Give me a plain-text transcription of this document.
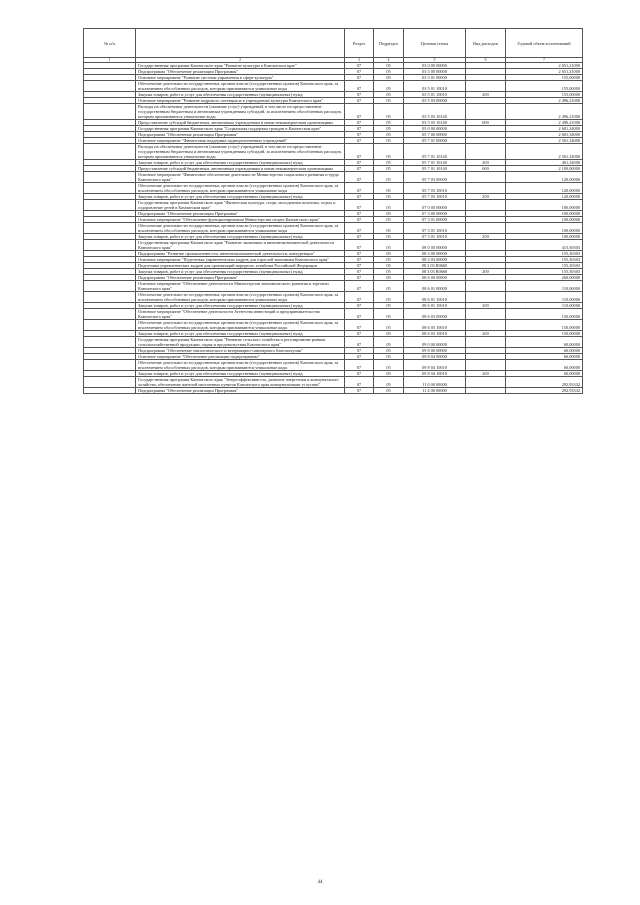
№ п/п		Раздел	Подраздел	Целевая статья	Вид расходов	Годовой объем ассигнований
1	2	3	4	5	6	7
	Государственная программа Камчатского края "Развитие культуры в Камчатском крае"	07	05	03 0 00 00000		2 651,21000
	Подпрограмма "Обеспечение реализации Программы"	07	05	03 5 00 00000		2 651,21000
	Основное мероприятие "Развитие системы управления в сфере культуры"	07	05	03 5 01 00000		155,00000
	Обеспечение деятельности государственных органов власти (государственных органов) Камчатского края, за исключением обособленных расходов, которым присваиваются уникальные коды	07	05	03 5 01 10010		155,00000
	Закупка товаров, работ и услуг для обеспечения государственных (муниципальных) нужд	07	05	03 5 01 10010	200	155,00000
	Основное мероприятие "Развитие кадрового потенциала в учреждениях культуры Камчатского края"	07	05	03 5 03 00000		2 496,21000
	Расходы на обеспечение деятельности (оказание услуг) учреждений, в том числе на предоставление государственным бюджетным и автономным учреждениям субсидий, за исключением обособленных расходов, которым присваиваются уникальные коды	07	05	03 5 03 10140		2 496,21000
	Предоставление субсидий бюджетным, автономным учреждениям и иным некоммерческим организациям	07	05	03 5 03 10140	600	2 496,21000
	Государственная программа Камчатского края "Социальная поддержка граждан в Камчатском крае"	07	05	05 0 00 00000		2 681,34000
	Подпрограмма "Обеспечение реализации Программы"	07	05	05 7 00 00000		2 681,34000
	Основное мероприятие "Финансовая поддержка подведомственных учреждений"	07	05	05 7 01 00000		2 561,34000
	Расходы на обеспечение деятельности (оказание услуг) учреждений, в том числе на предоставление государственным бюджетным и автономным учреждениям субсидий, за исключением обособленных расходов, которым присваиваются уникальные коды	07	05	05 7 01 10140		2 561,34000
	Закупка товаров, работ и услуг для обеспечения государственных (муниципальных) нужд	07	05	05 7 01 10140	200	461,34000
	Предоставление субсидий бюджетным, автономным учреждениям и иным некоммерческим организациям	07	05	05 7 01 10140	600	2 100,00000
	Основное мероприятие "Финансовое обеспечение деятельности Министерства социального развития и труда Камчатского края"	07	05	05 7 03 00000		120,00000
	Обеспечение деятельности государственных органов власти (государственных органов) Камчатского края, за исключением обособленных расходов, которым присваиваются уникальные коды	07	05	05 7 03 10010		120,00000
	Закупка товаров, работ и услуг для обеспечения государственных (муниципальных) нужд	07	05	05 7 03 10010	200	120,00000
	Государственная программа Камчатского края "Физическая культура, спорт, молодежная политика, отдых и оздоровление детей в Камчатском крае"	07	05	07 0 00 00000		100,00000
	Подпрограмма "Обеспечение реализации Программы"	07	05	07 3 00 00000		100,00000
	Основное мероприятие "Обеспечение функционирования Министерства спорта Камчатского края"	07	05	07 3 01 00000		100,00000
	Обеспечение деятельности государственных органов власти (государственных органов) Камчатского края, за исключением обособленных расходов, которым присваиваются уникальные коды	07	05	07 3 01 10010		100,00000
	Закупка товаров, работ и услуг для обеспечения государственных (муниципальных) нужд	07	05	07 3 01 10010	200	100,00000
	Государственная программа Камчатского края "Развитие экономики и внешнеэкономической деятельности Камчатского края"	07	05	08 0 00 00000		415,30303
	Подпрограмма "Развитие промышленности, внешнеэкономической деятельности, конкуренции"	07	05	08 3 00 00000		155,30303
	Основное мероприятие "Подготовка управленческих кадров для отраслей экономики Камчатского края"	07	05	08 3 03 00000		155,30303
	Подготовка управленческих кадров для организаций народного хозяйства Российской Федерации	07	05	08 3 03 R0660		155,30303
	Закупка товаров, работ и услуг для обеспечения государственных (муниципальных) нужд	07	05	08 3 03 R0660	200	155,30303
	Подпрограмма "Обеспечение реализации Программы"	07	05	08 6 00 00000		260,00000
	Основное мероприятие "Обеспечение деятельности Министерства экономического развития и торговли Камчатского края"	07	05	08 6 01 00000		110,00000
	Обеспечение деятельности государственных органов власти (государственных органов) Камчатского края, за исключением обособленных расходов, которым присваиваются уникальные коды	07	05	08 6 01 10010		110,00000
	Закупка товаров, работ и услуг для обеспечения государственных (муниципальных) нужд	07	05	08 6 01 10010	200	110,00000
	Основное мероприятие "Обеспечение деятельности Агентства инвестиций и предпринимательства Камчатского края"	07	05	08 6 03 00000		150,00000
	Обеспечение деятельности государственных органов власти (государственных органов) Камчатского края, за исключением обособленных расходов, которым присваиваются уникальные коды	07	05	08 6 03 10010		150,00000
	Закупка товаров, работ и услуг для обеспечения государственных (муниципальных) нужд	07	05	08 6 03 10010	200	150,00000
	Государственная программа Камчатского края "Развитие сельского хозяйства и регулирование рынков сельскохозяйственной продукции, сырья и продовольствия Камчатского края"	07	05	09 0 00 00000		60,00000
	Подпрограмма "Обеспечение эпизоотического и ветеринарно-санитарного благополучия"	07	05	09 8 00 00000		60,00000
	Основное мероприятие "Обеспечение реализации подпрограммы"	07	05	09 8 04 00000		60,00000
	Обеспечение деятельности государственных органов власти (государственных органов) Камчатского края, за исключением обособленных расходов, которым присваиваются уникальные коды	07	05	09 8 04 10010		60,00000
	Закупка товаров, работ и услуг для обеспечения государственных (муниципальных) нужд	07	05	09 8 04 10010	200	60,00000
	Государственная программа Камчатского края "Энергоэффективность, развитие энергетики и коммунального хозяйства, обеспечение жителей населенных пунктов Камчатского края коммунальными услугами"	07	05	11 0 00 00000		292,93332
	Подпрограмма "Обеспечение реализации Программы"	07	05	11 4 00 00000		292,93332
44
